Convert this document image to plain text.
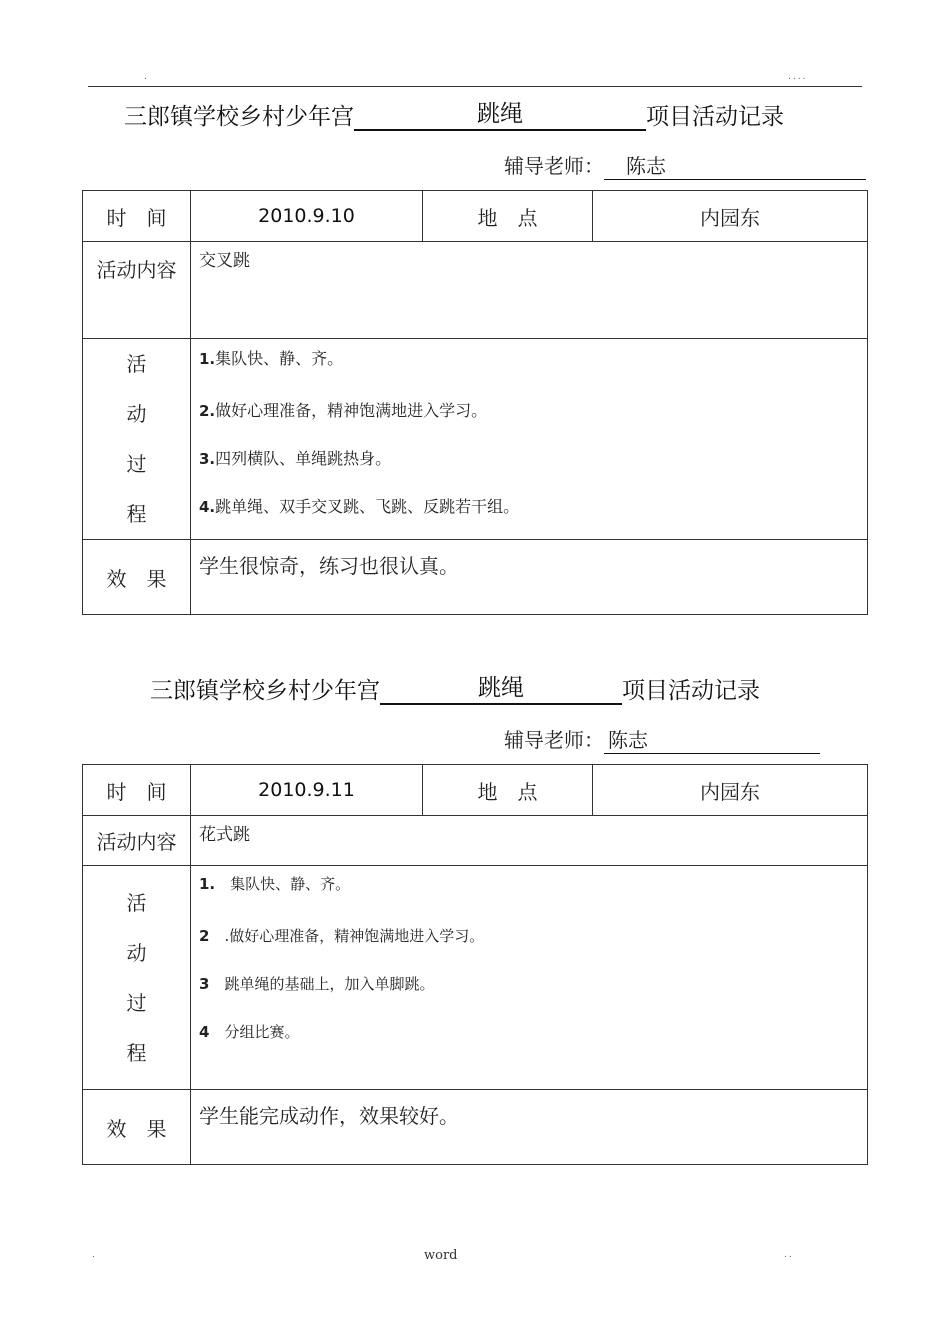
.	....
三郎镇学校乡村少年宫	跳绳	项目活动记录
辅导老师： 陈志
时　间	2010.9.10	地　点	内园东
活动内容	交叉跳		

活
动
过
程	1.集队快、静、齐。
2.做好心理准备，精神饱满地进入学习。
3.四列横队、单绳跳热身。
4.跳单绳、双手交叉跳、飞跳、反跳若干组。		

效　果	学生很惊奇，练习也很认真。		
三郎镇学校乡村少年宫	跳绳	项目活动记录
辅导老师： 陈志
时　间	2010.9.11	地　点	内园东
活动内容	花式跳		

活
动
过
程	1.　集队快、静、齐。
2　.做好心理准备，精神饱满地进入学习。
3　跳单绳的基础上，加入单脚跳。
4　分组比赛。		

效　果	学生能完成动作，效果较好。		
.	word	..
